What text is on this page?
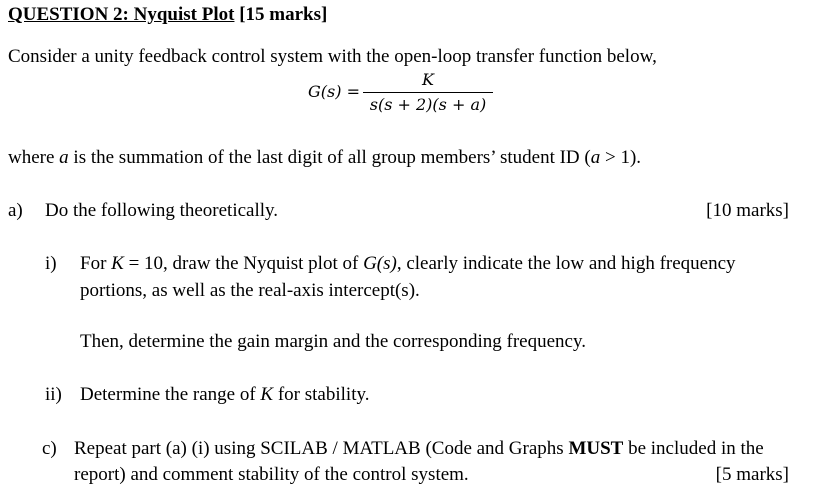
QUESTION 2: Nyquist Plot [15 marks]
Consider a unity feedback control system with the open-loop transfer function below,
G(s) =
K
s(s + 2)(s + a)
where a is the summation of the last digit of all group members’ student ID (a > 1).
a) Do the following theoretically.	[10 marks]
i) For K = 10, draw the Nyquist plot of G(s), clearly indicate the low and high frequency
portions, as well as the real-axis intercept(s).
Then, determine the gain margin and the corresponding frequency.
ii) Determine the range of K for stability.
c) Repeat part (a) (i) using SCILAB / MATLAB (Code and Graphs MUST be included in the
report) and comment stability of the control system.	[5 marks]
